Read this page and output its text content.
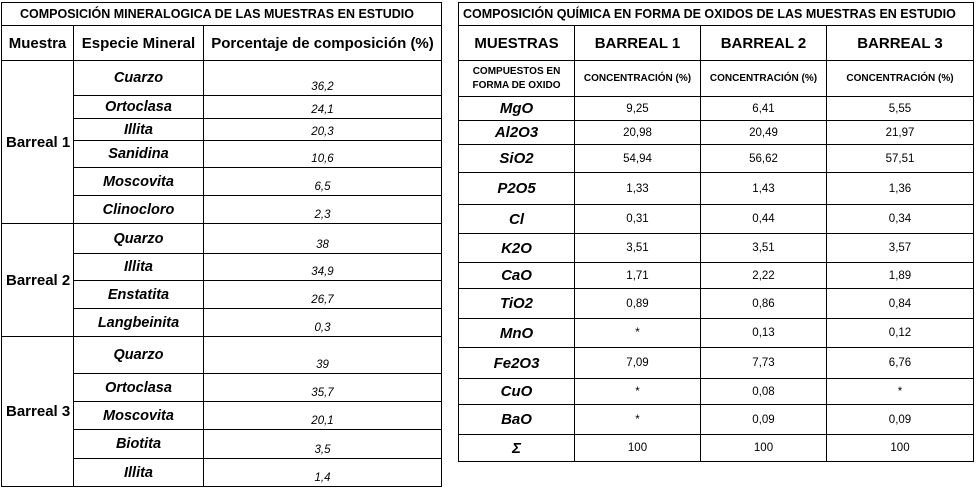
COMPOSICIÓN MINERALOGICA DE LAS MUESTRAS EN ESTUDIO		
Muestra	Especie Mineral	Porcentaje de composición (%)
Barreal 1	Cuarzo	36,2
	Ortoclasa	24,1
	Illita	20,3
	Sanidina	10,6
	Moscovita	6,5
	Clinocloro	2,3
Barreal 2	Quarzo	38
	Illita	34,9
	Enstatita	26,7
	Langbeinita	0,3
Barreal 3	Quarzo	39
	Ortoclasa	35,7
	Moscovita	20,1
	Biotita	3,5
	Illita	1,4
COMPOSICIÓN QUÍMICA EN FORMA DE OXIDOS DE LAS MUESTRAS EN ESTUDIO			
MUESTRAS	BARREAL 1	BARREAL 2	BARREAL 3
COMPUESTOS EN FORMA DE OXIDO	CONCENTRACIÓN (%)	CONCENTRACIÓN (%)	CONCENTRACIÓN (%)
MgO	9,25	6,41	5,55
Al2O3	20,98	20,49	21,97
SiO2	54,94	56,62	57,51
P2O5	1,33	1,43	1,36
Cl	0,31	0,44	0,34
K2O	3,51	3,51	3,57
CaO	1,71	2,22	1,89
TiO2	0,89	0,86	0,84
MnO	*	0,13	0,12
Fe2O3	7,09	7,73	6,76
CuO	*	0,08	*
BaO	*	0,09	0,09
Σ	100	100	100
